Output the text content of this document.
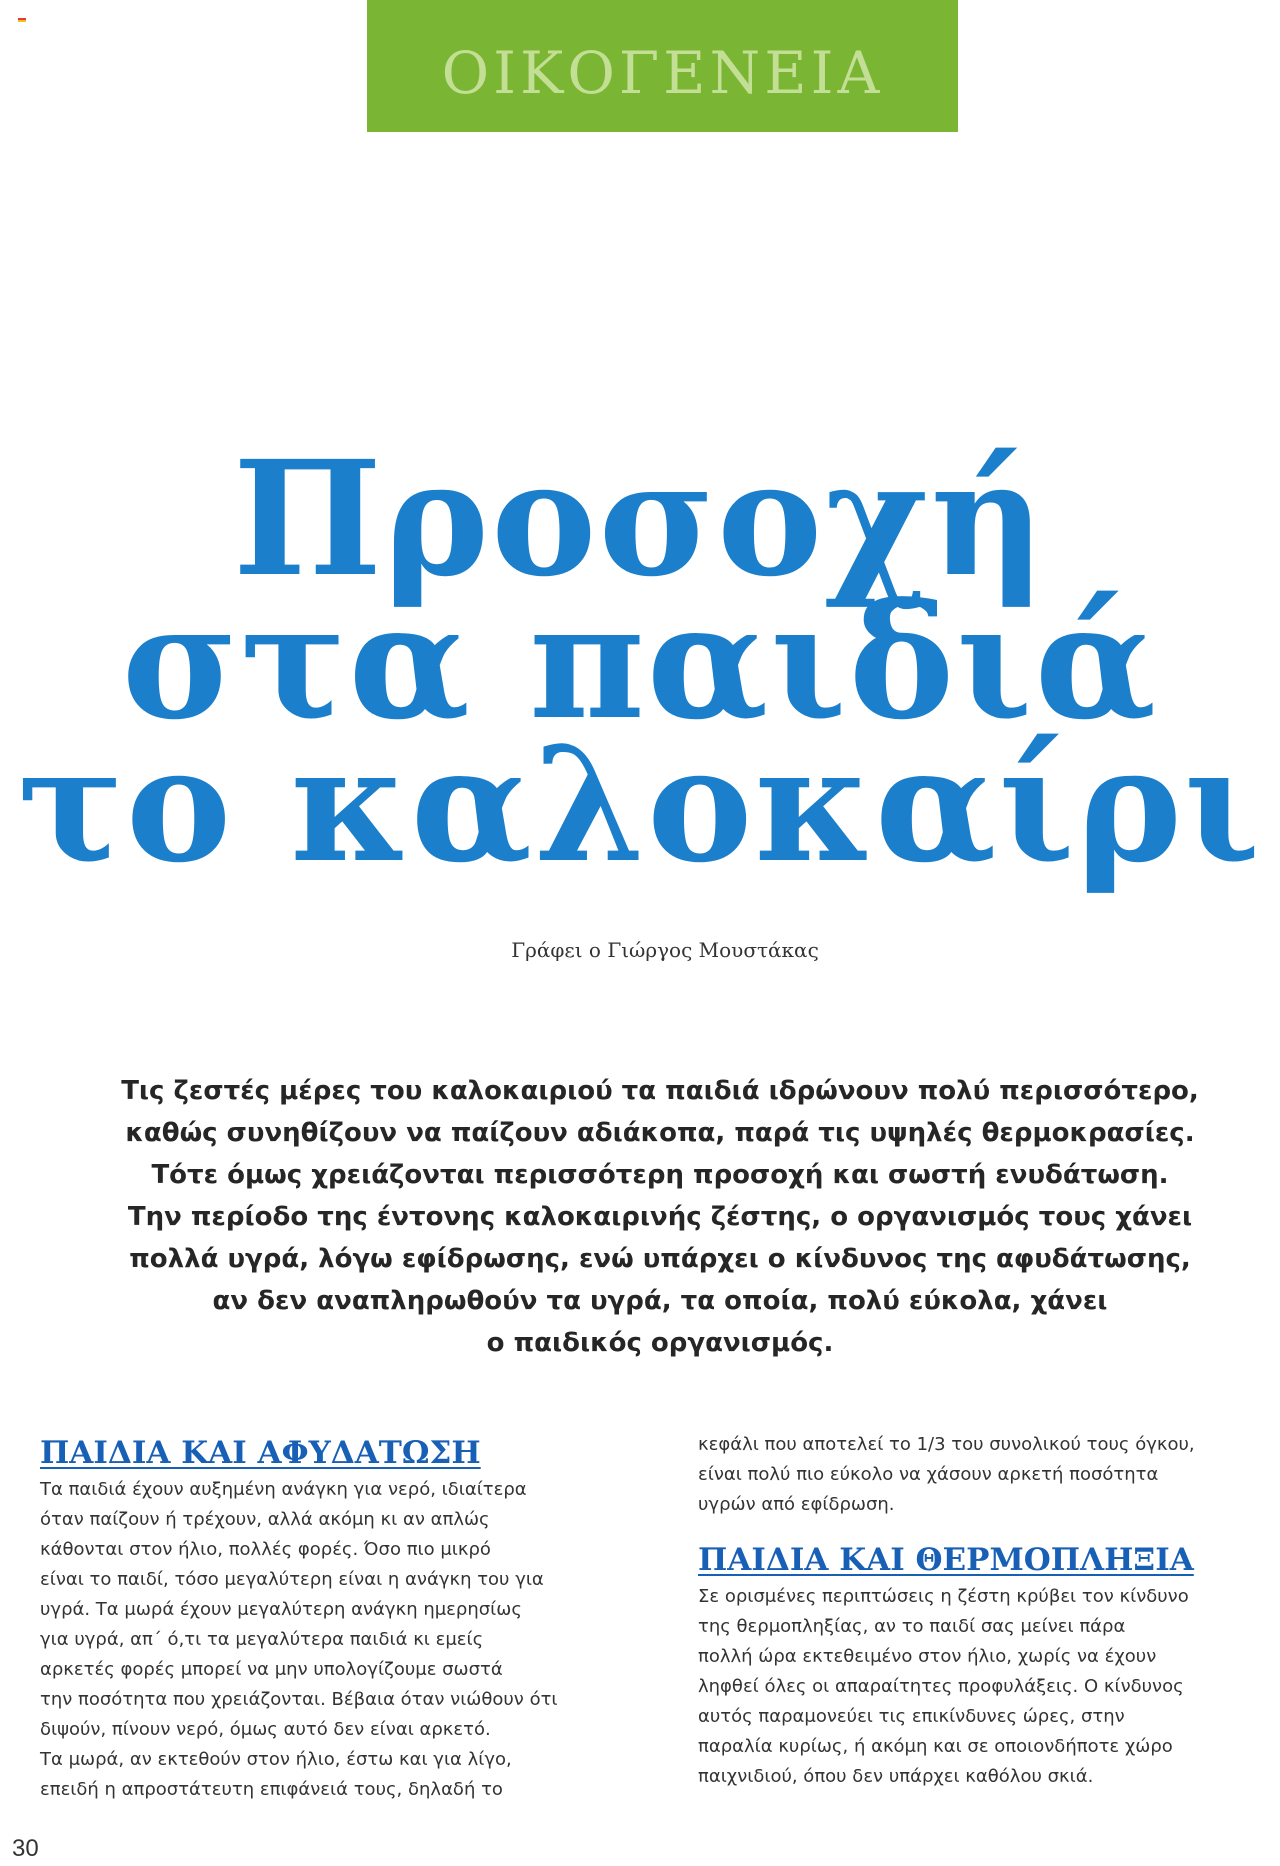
ΟΙΚΟΓΕΝΕΙΑ
Προσοχή
στα παιδιά
το καλοκαίρι
Γράφει ο Γιώργος Μουστάκας

Τις ζεστές μέρες του καλοκαιριού τα παιδιά ιδρώνουν πολύ περισσότερο,
καθώς συνηθίζουν να παίζουν αδιάκοπα, παρά τις υψηλές θερμοκρασίες.
Τότε όμως χρειάζονται περισσότερη προσοχή και σωστή ενυδάτωση.
Την περίοδο της έντονης καλοκαιρινής ζέστης, ο οργανισμός τους χάνει
πολλά υγρά, λόγω εφίδρωσης, ενώ υπάρχει ο κίνδυνος της αφυδάτωσης,
αν δεν αναπληρωθούν τα υγρά, τα οποία, πολύ εύκολα, χάνει
ο παιδικός οργανισμός.

ΠΑΙΔΙΑ ΚΑΙ ΑΦΥΔΑΤΩΣΗ

Τα παιδιά έχουν αυξημένη ανάγκη για νερό, ιδιαίτερα
όταν παίζουν ή τρέχουν, αλλά ακόμη κι αν απλώς
κάθονται στον ήλιο, πολλές φορές. Όσο πιο μικρό
είναι το παιδί, τόσο μεγαλύτερη είναι η ανάγκη του για
υγρά. Τα μωρά έχουν μεγαλύτερη ανάγκη ημερησίως
για υγρά, απ΄ ό,τι τα μεγαλύτερα παιδιά κι εμείς
αρκετές φορές μπορεί να μην υπολογίζουμε σωστά
την ποσότητα που χρειάζονται. Βέβαια όταν νιώθουν ότι
διψούν, πίνουν νερό, όμως αυτό δεν είναι αρκετό.
Τα μωρά, αν εκτεθούν στον ήλιο, έστω και για λίγο,
επειδή η απροστάτευτη επιφάνειά τους, δηλαδή το

κεφάλι που αποτελεί το 1/3 του συνολικού τους όγκου,
είναι πολύ πιο εύκολο να χάσουν αρκετή ποσότητα
υγρών από εφίδρωση.

ΠΑΙΔΙΑ ΚΑΙ ΘΕΡΜΟΠΛΗΞΙΑ

Σε ορισμένες περιπτώσεις η ζέστη κρύβει τον κίνδυνο
της θερμοπληξίας, αν το παιδί σας μείνει πάρα
πολλή ώρα εκτεθειμένο στον ήλιο, χωρίς να έχουν
ληφθεί όλες οι απαραίτητες προφυλάξεις. Ο κίνδυνος
αυτός παραμονεύει τις επικίνδυνες ώρες, στην
παραλία κυρίως, ή ακόμη και σε οποιονδήποτε χώρο
παιχνιδιού, όπου δεν υπάρχει καθόλου σκιά.

30
